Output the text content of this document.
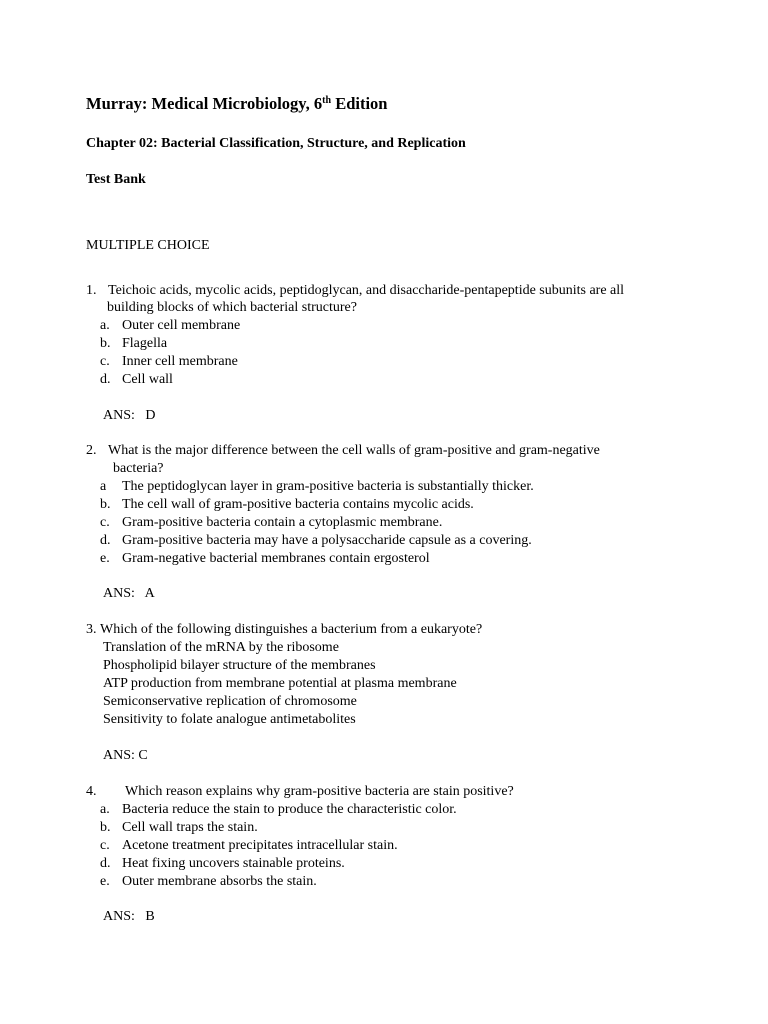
Murray: Medical Microbiology, 6th Edition
Chapter 02: Bacterial Classification, Structure, and Replication
Test Bank
MULTIPLE CHOICE
1. Teichoic acids, mycolic acids, peptidoglycan, and disaccharide-pentapeptide subunits are all
building blocks of which bacterial structure?
a. Outer cell membrane
b. Flagella
c. Inner cell membrane
d. Cell wall
ANS:   D
2. What is the major difference between the cell walls of gram-positive and gram-negative
bacteria?
a The peptidoglycan layer in gram-positive bacteria is substantially thicker.
b. The cell wall of gram-positive bacteria contains mycolic acids.
c. Gram-positive bacteria contain a cytoplasmic membrane.
d. Gram-positive bacteria may have a polysaccharide capsule as a covering.
e. Gram-negative bacterial membranes contain ergosterol
ANS:   A
3. Which of the following distinguishes a bacterium from a eukaryote?
Translation of the mRNA by the ribosome
Phospholipid bilayer structure of the membranes
ATP production from membrane potential at plasma membrane
Semiconservative replication of chromosome
Sensitivity to folate analogue antimetabolites
ANS: C
4. Which reason explains why gram-positive bacteria are stain positive?
a. Bacteria reduce the stain to produce the characteristic color.
b. Cell wall traps the stain.
c. Acetone treatment precipitates intracellular stain.
d. Heat fixing uncovers stainable proteins.
e. Outer membrane absorbs the stain.
ANS:   B
